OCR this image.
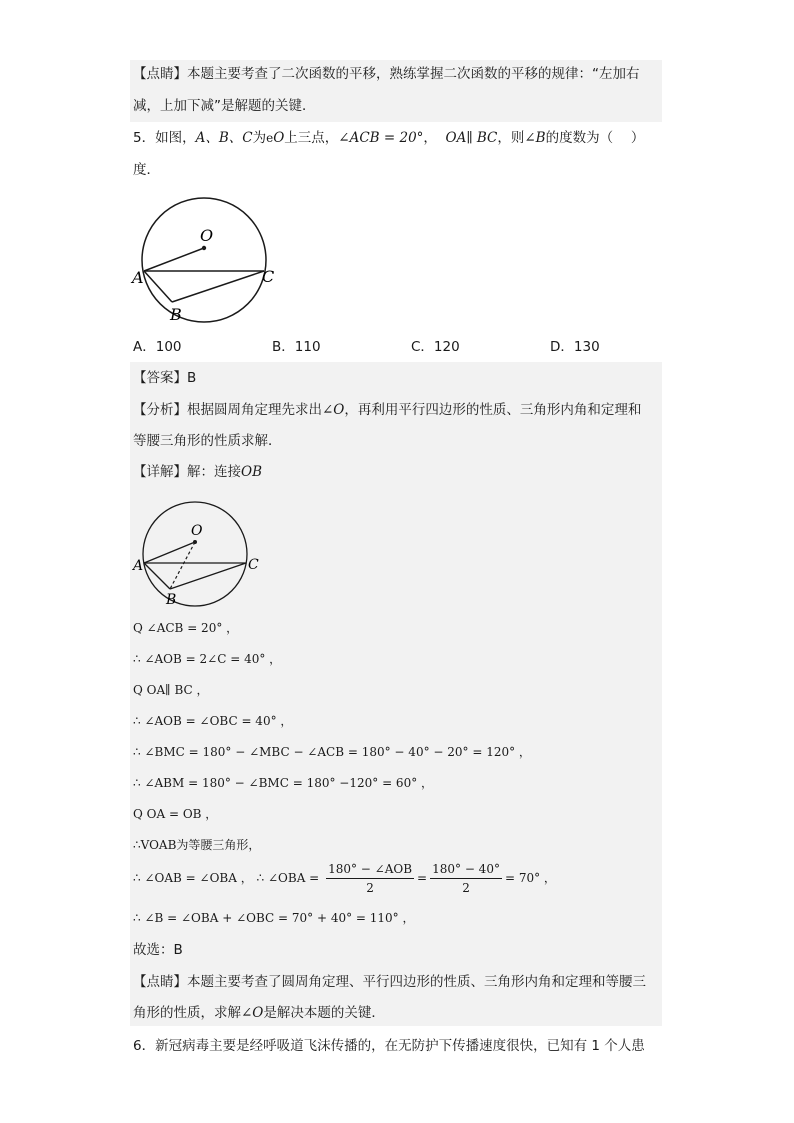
【点睛】本题主要考查了二次函数的平移，熟练掌握二次函数的平移的规律：“左加右
减，上加下减”是解题的关键．
5．如图，A、B、C为eO上三点，∠ACB = 20°， OA∥ BC，则∠B的度数为（　 ）
度．
O
A	C
B
A．100	B．110	C．120	D．130
【答案】B
【分析】根据圆周角定理先求出∠O，再利用平行四边形的性质、三角形内角和定理和
等腰三角形的性质求解．
【详解】解：连接OB
O
A	C
B
Q ∠ACB = 20° ，
∴ ∠AOB = 2∠C = 40° ，
Q OA∥ BC ，
∴ ∠AOB = ∠OBC = 40° ，
∴ ∠BMC = 180° − ∠MBC − ∠ACB = 180° − 40° − 20° = 120° ，
∴ ∠ABM = 180° − ∠BMC = 180° −120° = 60° ，
Q OA = OB ，
∴VOAB为等腰三角形，
∴ ∠OAB = ∠OBA ， ∴ ∠OBA = $\frac{\text{180° − ∠AOB}}{2} = \frac{180^\circ - 40^\circ}{2} = 70^\circ$ ，
∴ ∠B = ∠OBA + ∠OBC = 70° + 40° = 110° ，
故选：B
【点睛】本题主要考查了圆周角定理、平行四边形的性质、三角形内角和定理和等腰三
角形的性质，求解∠O是解决本题的关键．
6．新冠病毒主要是经呼吸道飞沫传播的，在无防护下传播速度很快，已知有 1 个人患
